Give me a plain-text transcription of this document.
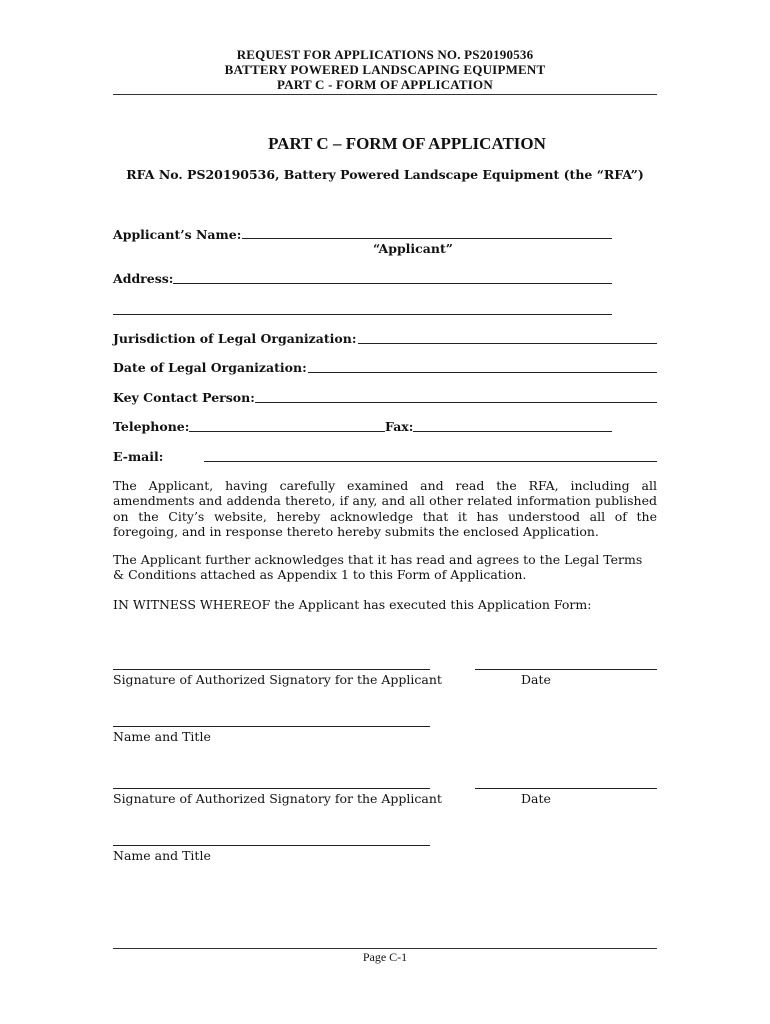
REQUEST FOR APPLICATIONS NO. PS20190536
BATTERY POWERED LANDSCAPING EQUIPMENT
PART C - FORM OF APPLICATION
PART C – FORM OF APPLICATION
RFA No. PS20190536, Battery Powered Landscape Equipment (the “RFA”)
Applicant’s Name:
“Applicant”
Address:
Jurisdiction of Legal Organization:
Date of Legal Organization:
Key Contact Person:
Telephone:	Fax:
E-mail:
The Applicant, having carefully examined and read the RFA, including all amendments and addenda thereto, if any, and all other related information published on the City’s website, hereby acknowledge that it has understood all of the foregoing, and in response thereto hereby submits the enclosed Application.
The Applicant further acknowledges that it has read and agrees to the Legal Terms & Conditions attached as Appendix 1 to this Form of Application.
IN WITNESS WHEREOF the Applicant has executed this Application Form:
Signature of Authorized Signatory for the Applicant	Date
Name and Title
Signature of Authorized Signatory for the Applicant	Date
Name and Title
Page C-1
